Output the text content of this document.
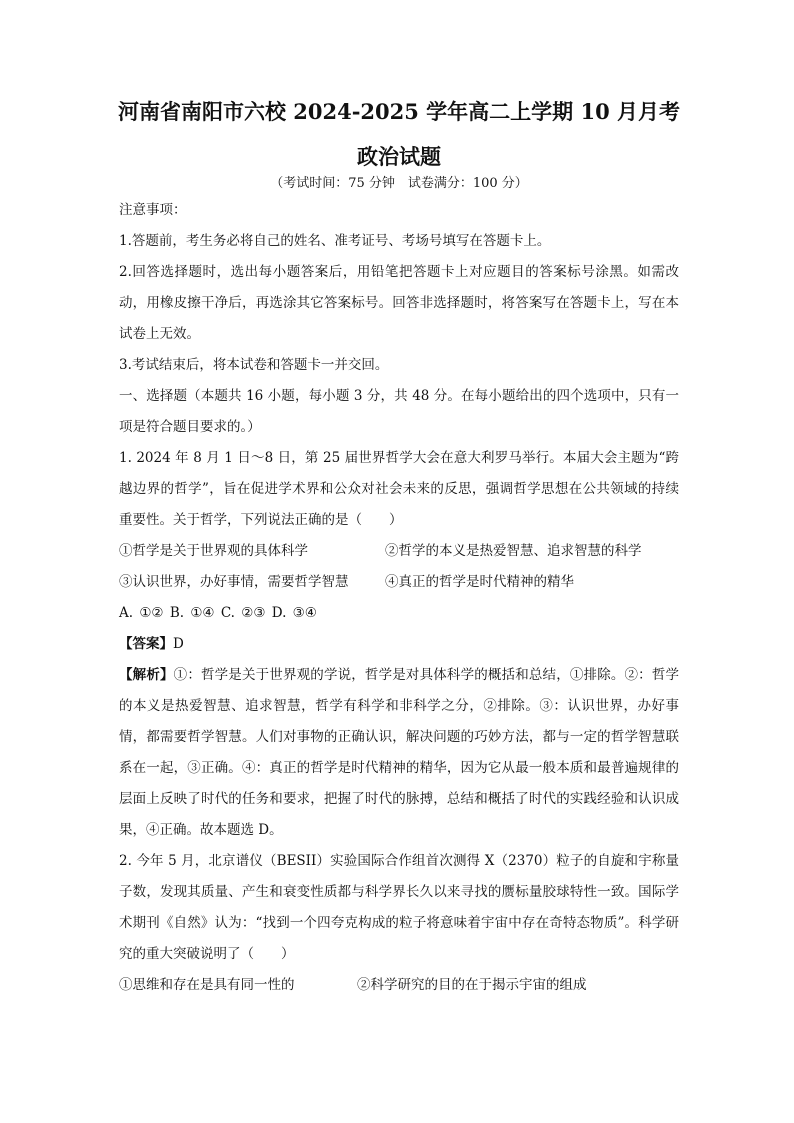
河南省南阳市六校 2024-2025 学年高二上学期 10 月月考
政治试题
（考试时间：75 分钟　试卷满分：100 分）

注意事项：

1.答题前，考生务必将自己的姓名、准考证号、考场号填写在答题卡上。

2.回答选择题时，选出每小题答案后，用铅笔把答题卡上对应题目的答案标号涂黑。如需改动，用橡皮擦干净后，再选涂其它答案标号。回答非选择题时，将答案写在答题卡上，写在本试卷上无效。

3.考试结束后，将本试卷和答题卡一并交回。

一、选择题（本题共 16 小题，每小题 3 分，共 48 分。在每小题给出的四个选项中，只有一项是符合题目要求的。）

1. 2024 年 8 月 1 日～8 日，第 25 届世界哲学大会在意大利罗马举行。本届大会主题为“跨越边界的哲学”，旨在促进学术界和公众对社会未来的反思，强调哲学思想在公共领域的持续重要性。关于哲学，下列说法正确的是（　　）

①哲学是关于世界观的具体科学	②哲学的本义是热爱智慧、追求智慧的科学
③认识世界，办好事情，需要哲学智慧	④真正的哲学是时代精神的精华
A. ①② B. ①④ C. ②③ D. ③④

【答案】D

【解析】①：哲学是关于世界观的学说，哲学是对具体科学的概括和总结，①排除。②：哲学的本义是热爱智慧、追求智慧，哲学有科学和非科学之分，②排除。③：认识世界，办好事情，都需要哲学智慧。人们对事物的正确认识，解决问题的巧妙方法，都与一定的哲学智慧联系在一起，③正确。④：真正的哲学是时代精神的精华，因为它从最一般本质和最普遍规律的层面上反映了时代的任务和要求，把握了时代的脉搏，总结和概括了时代的实践经验和认识成果，④正确。故本题选 D。

2. 今年 5 月，北京谱仪（BESII）实验国际合作组首次测得 X（2370）粒子的自旋和宇称量子数，发现其质量、产生和衰变性质都与科学界长久以来寻找的赝标量胶球特性一致。国际学术期刊《自然》认为：“找到一个四夸克构成的粒子将意味着宇宙中存在奇特态物质”。科学研究的重大突破说明了（　　）

①思维和存在是具有同一性的	②科学研究的目的在于揭示宇宙的组成
